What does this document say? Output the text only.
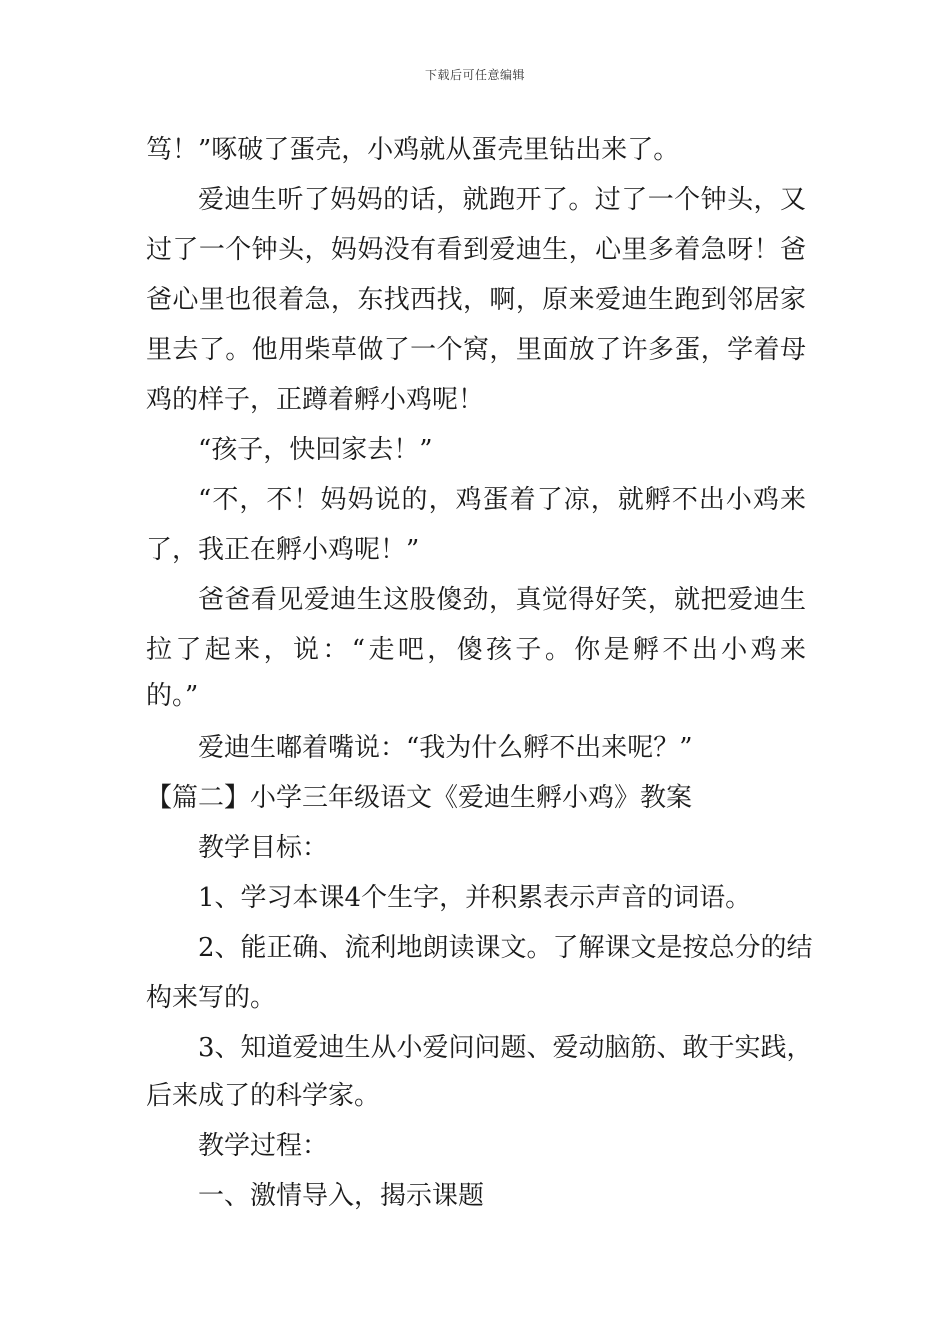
下载后可任意编辑
笃！”啄破了蛋壳，小鸡就从蛋壳里钻出来了。
爱迪生听了妈妈的话，就跑开了。过了一个钟头，又
过了一个钟头，妈妈没有看到爱迪生，心里多着急呀！爸
爸心里也很着急，东找西找，啊，原来爱迪生跑到邻居家
里去了。他用柴草做了一个窝，里面放了许多蛋，学着母
鸡的样子，正蹲着孵小鸡呢！
“孩子，快回家去！”
“不，不！妈妈说的，鸡蛋着了凉，就孵不出小鸡来
了，我正在孵小鸡呢！”
爸爸看见爱迪生这股傻劲，真觉得好笑，就把爱迪生
拉了起来，说：“走吧，傻孩子。你是孵不出小鸡来
的。”
爱迪生嘟着嘴说：“我为什么孵不出来呢？”
【篇二】小学三年级语文《爱迪生孵小鸡》教案
教学目标：
1、学习本课4个生字，并积累表示声音的词语。
2、能正确、流利地朗读课文。了解课文是按总分的结
构来写的。
3、知道爱迪生从小爱问问题、爱动脑筋、敢于实践，
后来成了的科学家。
教学过程：
一、激情导入，揭示课题
